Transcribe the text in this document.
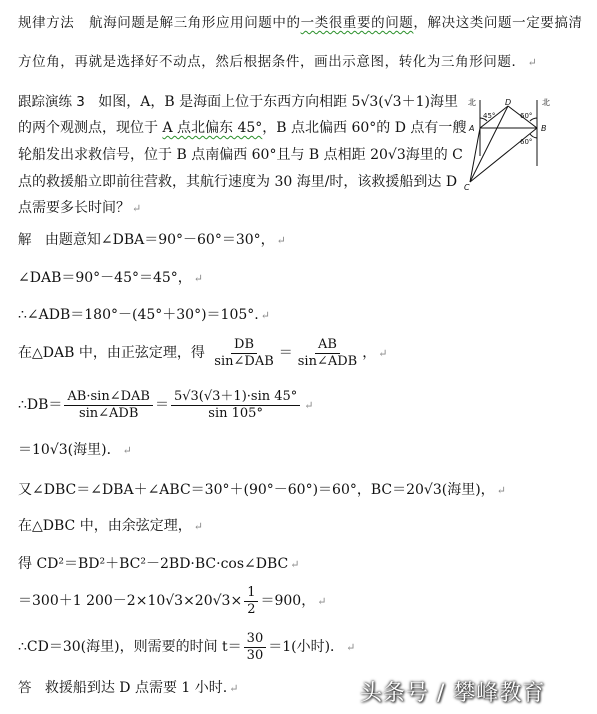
规律方法 航海问题是解三角形应用问题中的一类很重要的问题，解决这类问题一定要搞清
方位角，再就是选择好不动点，然后根据条件，画出示意图，转化为三角形问题． ↵
跟踪演练 3 如图，A，B 是海面上位于东西方向相距 5√3(√3＋1)海里
的两个观测点，现位于 A 点北偏东 45°，B 点北偏西 60°的 D 点有一艘
轮船发出求救信号，位于 B 点南偏西 60°且与 B 点相距 20√3海里的 C
点的救援船立即前往营救，其航行速度为 30 海里/时，该救援船到达 D
点需要多长时间？ ↵
北	北
D
A	B
C
45°	60°
60°
解 由题意知∠DBA＝90°－60°＝30°， ↵
∠DAB＝90°－45°＝45°， ↵
∴∠ADB＝180°－(45°＋30°)＝105°. ↵
在△DAB 中，由正弦定理，得 $\frac{DB}{\text{sin∠DAB}} = \frac{AB}{\text{sin∠ADB}}$ ， ↵
∴DB＝ $\frac{\text{AB·sin∠DAB}}{\text{sin∠ADB}} = \frac{5√3(√3+1)\cdot\sin 45^\circ}{\sin 105^\circ}$ ↵
＝10√3(海里)． ↵
又∠DBC＝∠DBA＋∠ABC＝30°＋(90°－60°)＝60°，BC＝20√3(海里)， ↵
在△DBC 中，由余弦定理， ↵
得 CD²＝BD²＋BC²－2BD·BC·cos∠DBC ↵
＝300＋1 $200-2\times 10√3\times 20√3\times \frac{1}{2} =900$， ↵
∴CD＝30(海里)，则需要的时间 $t= \frac{30}{30} =1$(小时)． ↵
答 救援船到达 D 点需要 1 小时. ↵	头条号 / 攀峰教育
